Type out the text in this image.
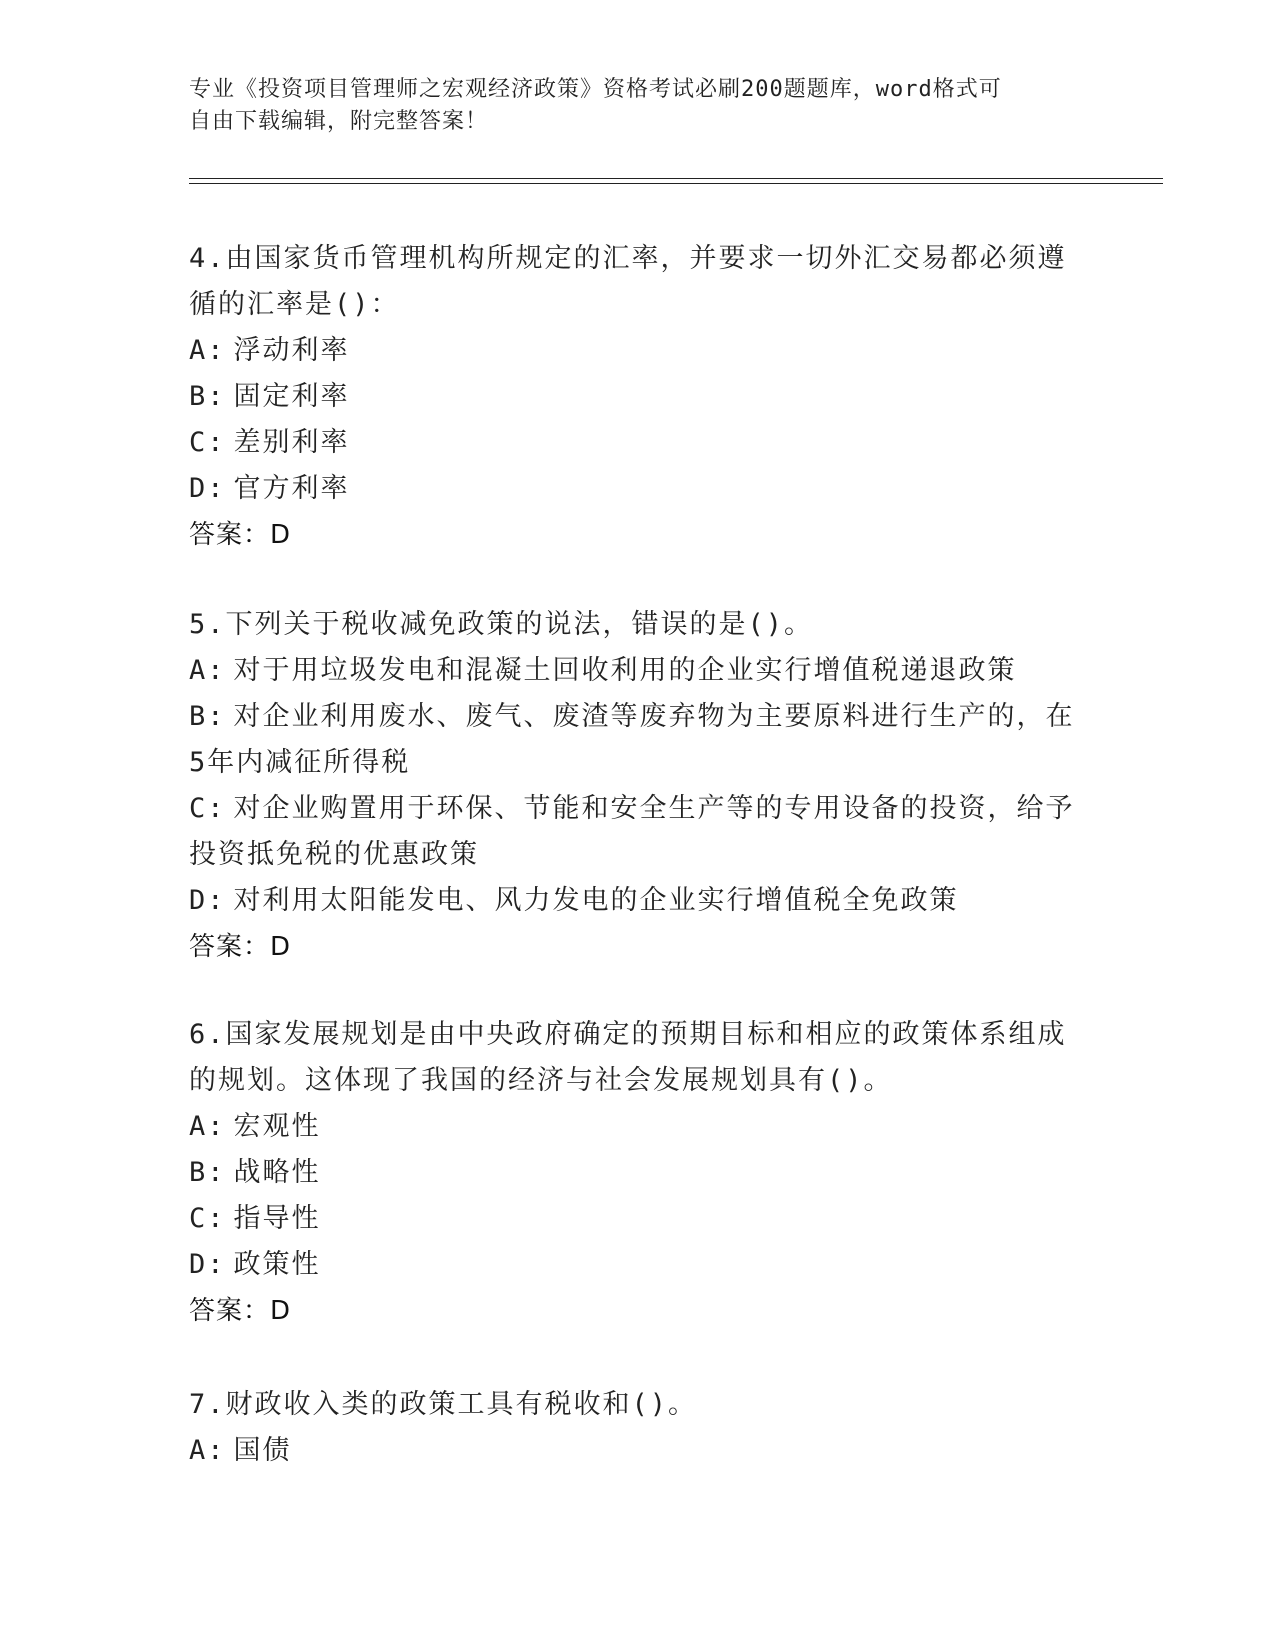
专业《投资项目管理师之宏观经济政策》资格考试必刷200题题库，word格式可
自由下载编辑，附完整答案！

4.由国家货币管理机构所规定的汇率，并要求一切外汇交易都必须遵

循的汇率是()：

A: 浮动利率

B: 固定利率

C: 差别利率

D: 官方利率

答案：D

5.下列关于税收减免政策的说法，错误的是()。

A: 对于用垃圾发电和混凝土回收利用的企业实行增值税递退政策

B: 对企业利用废水、废气、废渣等废弃物为主要原料进行生产的，在

5年内减征所得税

C: 对企业购置用于环保、节能和安全生产等的专用设备的投资，给予

投资抵免税的优惠政策

D: 对利用太阳能发电、风力发电的企业实行增值税全免政策

答案：D

6.国家发展规划是由中央政府确定的预期目标和相应的政策体系组成

的规划。这体现了我国的经济与社会发展规划具有()。

A: 宏观性

B: 战略性

C: 指导性

D: 政策性

答案：D

7.财政收入类的政策工具有税收和()。

A: 国债
